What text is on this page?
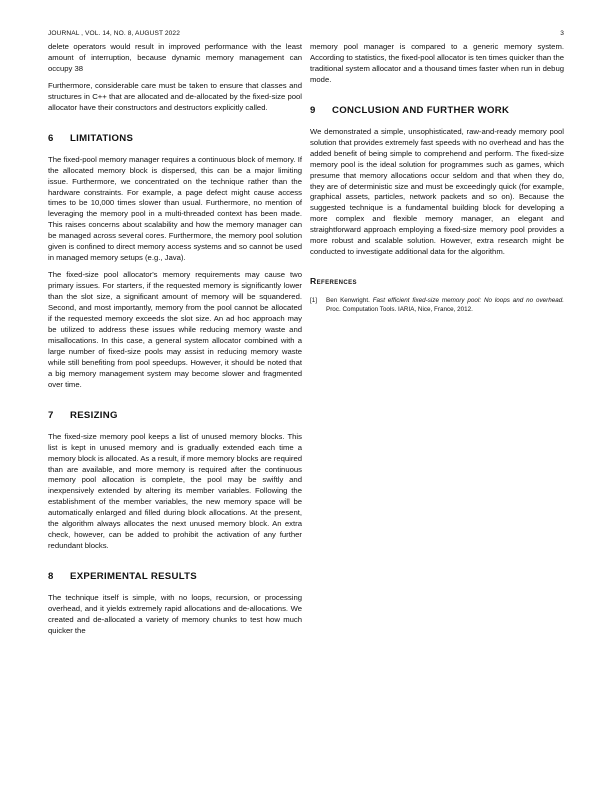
JOURNAL , VOL. 14, NO. 8, AUGUST 2022	3

delete operators would result in improved performance with the least amount of interruption, because dynamic memory management can occupy 38

Furthermore, considerable care must be taken to ensure that classes and structures in C++ that are allocated and de-allocated by the fixed-size pool allocator have their constructors and destructors explicitly called.

6 LIMITATIONS

The fixed-pool memory manager requires a continuous block of memory. If the allocated memory block is dispersed, this can be a major limiting issue. Furthermore, we concentrated on the technique rather than the hardware constraints. For example, a page defect might cause access times to be 10,000 times slower than usual. Furthermore, no mention of leveraging the memory pool in a multi-threaded context has been made. This raises concerns about scalability and how the memory manager can be managed across several cores. Furthermore, the memory pool solution given is confined to direct memory access systems and so cannot be used in managed memory setups (e.g., Java).

The fixed-size pool allocator's memory requirements may cause two primary issues. For starters, if the requested memory is significantly lower than the slot size, a significant amount of memory will be squandered. Second, and most importantly, memory from the pool cannot be allocated if the requested memory exceeds the slot size. An ad hoc approach may be utilized to address these issues while reducing memory waste and misallocations. In this case, a general system allocator combined with a large number of fixed-size pools may assist in reducing memory waste while still benefiting from pool speedups. However, it should be noted that a big memory management system may become slower and fragmented over time.

7 RESIZING

The fixed-size memory pool keeps a list of unused memory blocks. This list is kept in unused memory and is gradually extended each time a memory block is allocated. As a result, if more memory blocks are required than are available, and more memory is required after the continuous memory pool allocation is complete, the pool may be swiftly and inexpensively extended by altering its member variables. Following the establishment of the member variables, the new memory space will be automatically enlarged and filled during block allocations. At the present, the algorithm always allocates the next unused memory block. An extra check, however, can be added to prohibit the activation of any further redundant blocks.

8 EXPERIMENTAL RESULTS

The technique itself is simple, with no loops, recursion, or processing overhead, and it yields extremely rapid allocations and de-allocations. We created and de-allocated a variety of memory chunks to test how much quicker the

memory pool manager is compared to a generic memory system. According to statistics, the fixed-pool allocator is ten times quicker than the traditional system allocator and a thousand times faster when run in debug mode.

9 CONCLUSION AND FURTHER WORK

We demonstrated a simple, unsophisticated, raw-and-ready memory pool solution that provides extremely fast speeds with no overhead and has the added benefit of being simple to comprehend and perform. The fixed-size memory pool is the ideal solution for programmes such as games, which presume that memory allocations occur seldom and that when they do, they are of deterministic size and must be exceedingly quick (for example, graphical assets, particles, network packets and so on). Because the suggested technique is a fundamental building block for developing a more complex and flexible memory manager, an elegant and straightforward approach employing a fixed-size memory pool provides a more robust and scalable solution. However, extra research might be conducted to investigate additional data for the algorithm.

References
[1] Ben Kenwright. Fast efficient fixed-size memory pool: No loops and no overhead. Proc. Computation Tools. IARIA, Nice, France, 2012.
